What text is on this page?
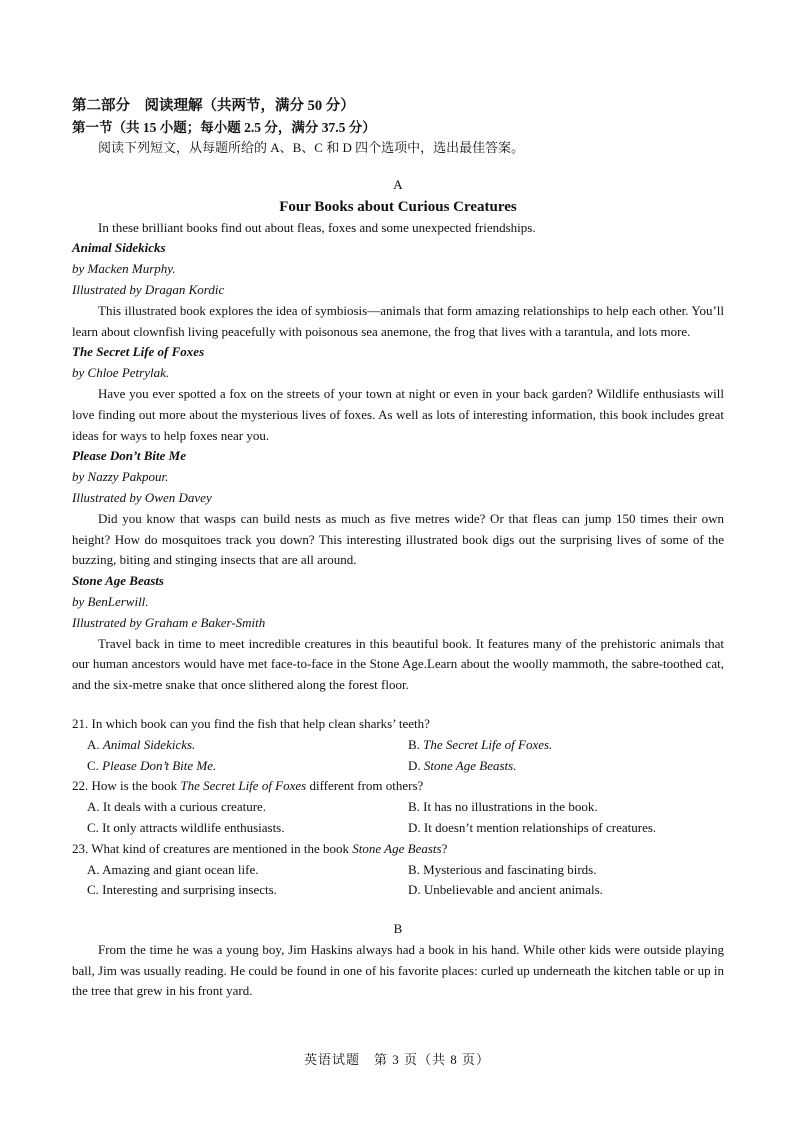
第二部分　阅读理解（共两节，满分 50 分）
第一节（共 15 小题；每小题 2.5 分，满分 37.5 分）
阅读下列短文，从每题所给的 A、B、C 和 D 四个选项中，选出最佳答案。
A
Four Books about Curious Creatures
In these brilliant books find out about fleas, foxes and some unexpected friendships.
Animal Sidekicks
by Macken Murphy.
Illustrated by Dragan Kordic
This illustrated book explores the idea of symbiosis—animals that form amazing relationships to help each other. You’ll learn about clownfish living peacefully with poisonous sea anemone, the frog that lives with a tarantula, and lots more.
The Secret Life of Foxes
by Chloe Petrylak.
Have you ever spotted a fox on the streets of your town at night or even in your back garden? Wildlife enthusiasts will love finding out more about the mysterious lives of foxes. As well as lots of interesting information, this book includes great ideas for ways to help foxes near you.
Please Don’t Bite Me
by Nazzy Pakpour.
Illustrated by Owen Davey
Did you know that wasps can build nests as much as five metres wide? Or that fleas can jump 150 times their own height? How do mosquitoes track you down? This interesting illustrated book digs out the surprising lives of some of the buzzing, biting and stinging insects that are all around.
Stone Age Beasts
by BenLerwill.
Illustrated by Graham e Baker-Smith
Travel back in time to meet incredible creatures in this beautiful book. It features many of the prehistoric animals that our human ancestors would have met face-to-face in the Stone Age.Learn about the woolly mammoth, the sabre-toothed cat, and the six-metre snake that once slithered along the forest floor.
21. In which book can you find the fish that help clean sharks’ teeth?
A. Animal Sidekicks.	B. The Secret Life of Foxes.
C. Please Don’t Bite Me.	D. Stone Age Beasts.
22. How is the book The Secret Life of Foxes different from others?
A. It deals with a curious creature.	B. It has no illustrations in the book.
C. It only attracts wildlife enthusiasts.	D. It doesn’t mention relationships of creatures.
23. What kind of creatures are mentioned in the book Stone Age Beasts?
A. Amazing and giant ocean life.	B. Mysterious and fascinating birds.
C. Interesting and surprising insects.	D. Unbelievable and ancient animals.
B
From the time he was a young boy, Jim Haskins always had a book in his hand. While other kids were outside playing ball, Jim was usually reading. He could be found in one of his favorite places: curled up underneath the kitchen table or up in the tree that grew in his front yard.
英语试题　第 3 页（共 8 页）
